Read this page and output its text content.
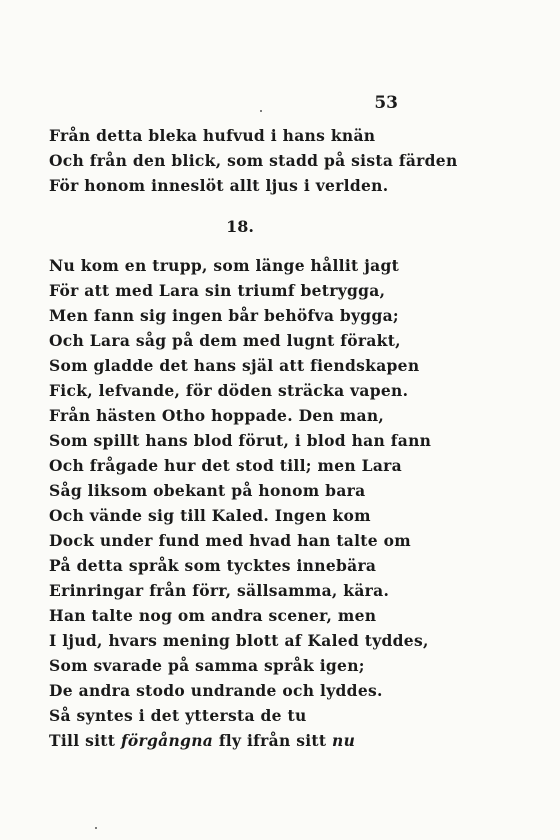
53
Från detta bleka hufvud i hans knän
Och från den blick, som stadd på sista färden
För honom inneslöt allt ljus i verlden.
18.
Nu kom en trupp, som länge hållit jagt
För att med Lara sin triumf betrygga,
Men fann sig ingen bår behöfva bygga;
Och Lara såg på dem med lugnt förakt,
Som gladde det hans själ att fiendskapen
Fick, lefvande, för döden sträcka vapen.
Från hästen Otho hoppade. Den man,
Som spillt hans blod förut, i blod han fann
Och frågade hur det stod till; men Lara
Såg liksom obekant på honom bara
Och vände sig till Kaled. Ingen kom
Dock under fund med hvad han talte om
På detta språk som tycktes innebära
Erinringar från förr, sällsamma, kära.
Han talte nog om andra scener, men
I ljud, hvars mening blott af Kaled tyddes,
Som svarade på samma språk igen;
De andra stodo undrande och lyddes.
Så syntes i det yttersta de tu
Till sitt förgångna fly ifrån sitt nu
